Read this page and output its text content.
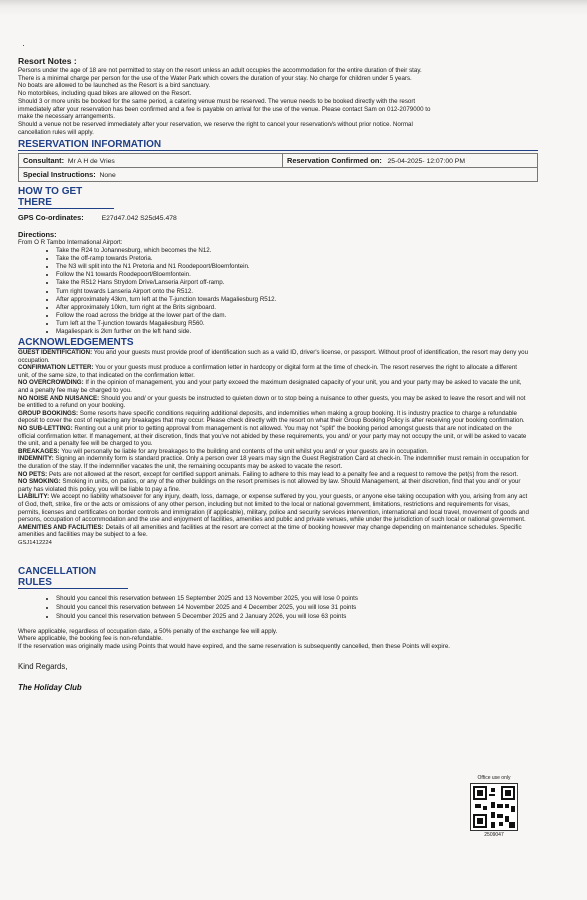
·
Resort Notes :
Persons under the age of 18 are not permitted to stay on the resort unless an adult occupies the accommodation for the entire duration of their stay.
There is a minimal charge per person for the use of the Water Park which covers the duration of your stay. No charge for children under 5 years.
No boats are allowed to be launched as the Resort is a bird sanctuary.
No motorbikes, including quad bikes are allowed on the Resort.
Should 3 or more units be booked for the same period, a catering venue must be reserved. The venue needs to be booked directly with the resort
immediately after your reservation has been confirmed and a fee is payable on arrival for the use of the venue. Please contact Sam on 012-2079000 to
make the necessary arrangements.
Should a venue not be reserved immediately after your reservation, we reserve the right to cancel your reservation/s without prior notice. Normal
cancellation rules will apply.
RESERVATION INFORMATION
Consultant: Mr A H de Vries	Reservation Confirmed on: 25-04-2025- 12:07:00 PM
Special Instructions: None
HOW TO GET THERE
GPS Co-ordinates:	E27d47.042 S25d45.478
Directions:
From O R Tambo International Airport:
• Take the R24 to Johannesburg, which becomes the N12.
• Take the off-ramp towards Pretoria.
• The N3 will split into the N1 Pretoria and N1 Roodepoort/Bloemfontein.
• Follow the N1 towards Roodepoort/Bloemfontein.
• Take the R512 Hans Strydom Drive/Lanseria Airport off-ramp.
• Turn right towards Lanseria Airport onto the R512.
• After approximately 43km, turn left at the T-junction towards Magaliesburg R512.
• After approximately 10km, turn right at the Brits signboard.
• Follow the road across the bridge at the lower part of the dam.
• Turn left at the T-junction towards Magaliesburg R560.
• Magaliespark is 2km further on the left hand side.
ACKNOWLEDGEMENTS

GUEST IDENTIFICATION: You and your guests must provide proof of identification such as a valid ID, driver's license, or passport. Without proof of identification, the resort may deny you occupation.

CONFIRMATION LETTER: You or your guests must produce a confirmation letter in hardcopy or digital form at the time of check-in. The resort reserves the right to allocate a different unit, of the same size, to that indicated on the confirmation letter.

NO OVERCROWDING: If in the opinion of management, you and your party exceed the maximum designated capacity of your unit, you and your party may be asked to vacate the unit, and a penalty fee may be charged to you.

NO NOISE AND NUISANCE: Should you and/ or your guests be instructed to quieten down or to stop being a nuisance to other guests, you may be asked to leave the resort and will not be entitled to a refund on your booking.

GROUP BOOKINGS: Some resorts have specific conditions requiring additional deposits, and indemnities when making a group booking. It is industry practice to charge a refundable deposit to cover the cost of replacing any breakages that may occur. Please check directly with the resort on what their Group Booking Policy is after receiving your booking confirmation.

NO SUB-LETTING: Renting out a unit prior to getting approval from management is not allowed. You may not "split" the booking period amongst guests that are not indicated on the official confirmation letter. If management, at their discretion, finds that you've not abided by these requirements, you and/ or your party may not occupy the unit, or will be asked to vacate the unit, and a penalty fee will be charged to you.

BREAKAGES: You will personally be liable for any breakages to the building and contents of the unit whilst you and/ or your guests are in occupation.

INDEMNITY: Signing an indemnity form is standard practice. Only a person over 18 years may sign the Guest Registration Card at check-in. The indemnifier must remain in occupation for the duration of the stay. If the indemnifier vacates the unit, the remaining occupants may be asked to vacate the resort.

NO PETS: Pets are not allowed at the resort, except for certified support animals. Failing to adhere to this may lead to a penalty fee and a request to remove the pet(s) from the resort.

NO SMOKING: Smoking in units, on patios, or any of the other buildings on the resort premises is not allowed by law. Should Management, at their discretion, find that you and/ or your party has violated this policy, you will be liable to pay a fine.

LIABILITY: We accept no liability whatsoever for any injury, death, loss, damage, or expense suffered by you, your guests, or anyone else taking occupation with you, arising from any act of God, theft, strike, fire or the acts or omissions of any other person, including but not limited to the local or national government, limitations, restrictions and requirements for visas, permits, licenses and certificates on border controls and immigration (if applicable), military, police and security services intervention, international and local travel, movement of goods and persons, occupation of accommodation and the use and enjoyment of facilities, amenities and public and private venues, while under the jurisdiction of such local or national government.

AMENITIES AND FACILITIES: Details of all amenities and facilities at the resort are correct at the time of booking however may change depending on maintenance schedules. Specific amenities and facilities may be subject to a fee.

GSJ1412224
CANCELLATION RULES
• Should you cancel this reservation between 15 September 2025 and 13 November 2025, you will lose 0 points
• Should you cancel this reservation between 14 November 2025 and 4 December 2025, you will lose 31 points
• Should you cancel this reservation between 5 December 2025 and 2 January 2026, you will lose 63 points
Where applicable, regardless of occupation date, a 50% penalty of the exchange fee will apply.
Where applicable, the booking fee is non-refundable.
If the reservation was originally made using Points that would have expired, and the same reservation is subsequently cancelled, then these Points will expire.
Kind Regards,
The Holiday Club
Office use only
2509047
